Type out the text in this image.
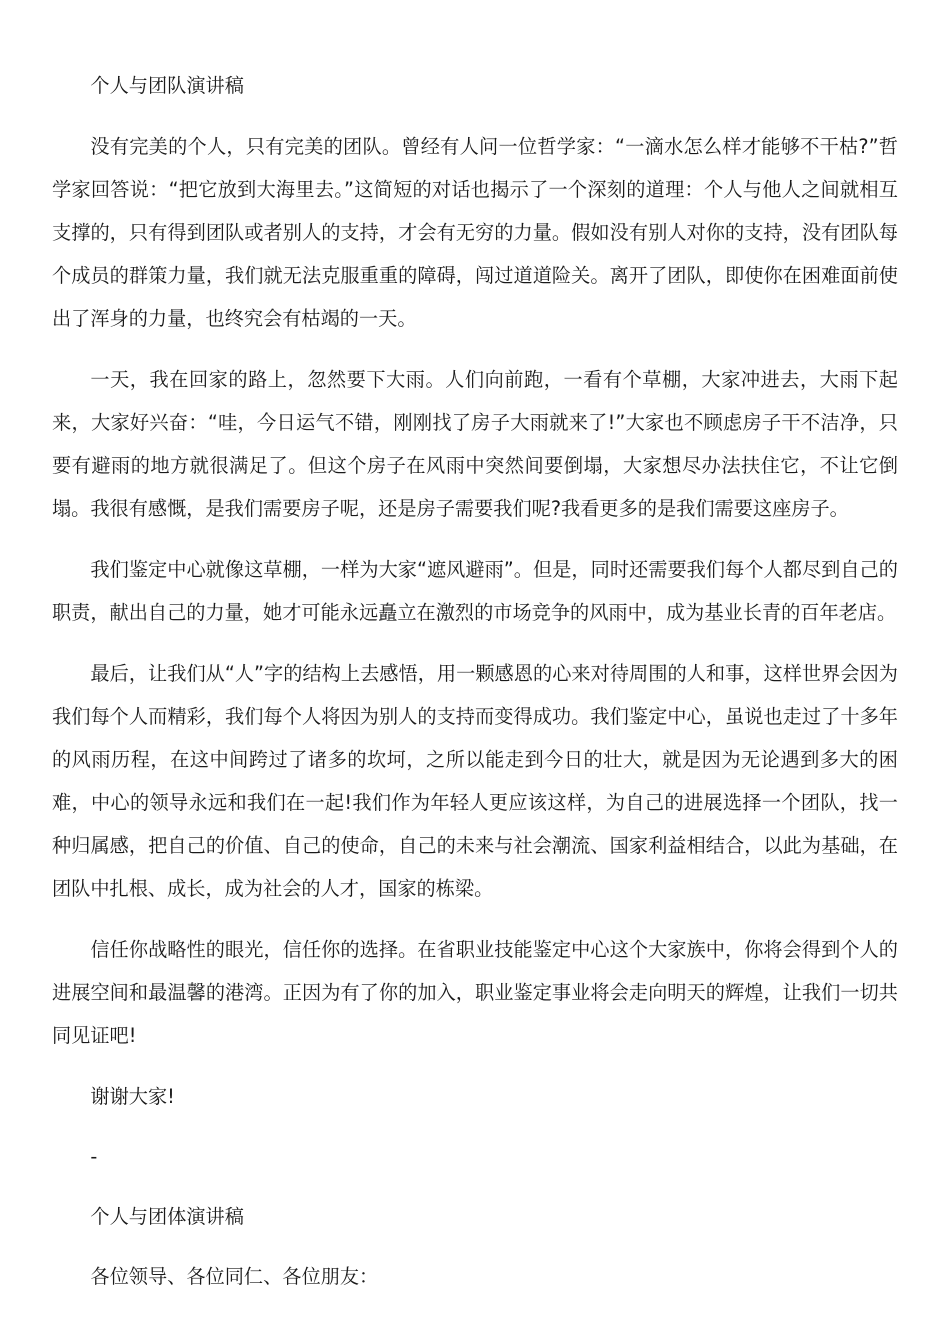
个人与团队演讲稿

没有完美的个人，只有完美的团队。曾经有人问一位哲学家：“一滴水怎么样才能够不干枯?”哲学家回答说：“把它放到大海里去。”这简短的对话也揭示了一个深刻的道理：个人与他人之间就相互支撑的，只有得到团队或者别人的支持，才会有无穷的力量。假如没有别人对你的支持，没有团队每个成员的群策力量，我们就无法克服重重的障碍，闯过道道险关。离开了团队，即使你在困难面前使出了浑身的力量，也终究会有枯竭的一天。

一天，我在回家的路上，忽然要下大雨。人们向前跑，一看有个草棚，大家冲进去，大雨下起来，大家好兴奋：“哇，今日运气不错，刚刚找了房子大雨就来了!”大家也不顾虑房子干不洁净，只要有避雨的地方就很满足了。但这个房子在风雨中突然间要倒塌，大家想尽办法扶住它，不让它倒塌。我很有感慨，是我们需要房子呢，还是房子需要我们呢?我看更多的是我们需要这座房子。

我们鉴定中心就像这草棚，一样为大家“遮风避雨”。但是，同时还需要我们每个人都尽到自己的职责，献出自己的力量，她才可能永远矗立在激烈的市场竞争的风雨中，成为基业长青的百年老店。

最后，让我们从“人”字的结构上去感悟，用一颗感恩的心来对待周围的人和事，这样世界会因为我们每个人而精彩，我们每个人将因为别人的支持而变得成功。我们鉴定中心，虽说也走过了十多年的风雨历程，在这中间跨过了诸多的坎坷，之所以能走到今日的壮大，就是因为无论遇到多大的困难，中心的领导永远和我们在一起!我们作为年轻人更应该这样，为自己的进展选择一个团队，找一种归属感，把自己的价值、自己的使命，自己的未来与社会潮流、国家利益相结合，以此为基础，在团队中扎根、成长，成为社会的人才，国家的栋梁。

信任你战略性的眼光，信任你的选择。在省职业技能鉴定中心这个大家族中，你将会得到个人的进展空间和最温馨的港湾。正因为有了你的加入，职业鉴定事业将会走向明天的辉煌，让我们一切共同见证吧!

谢谢大家!

-

个人与团体演讲稿

各位领导、各位同仁、各位朋友：
